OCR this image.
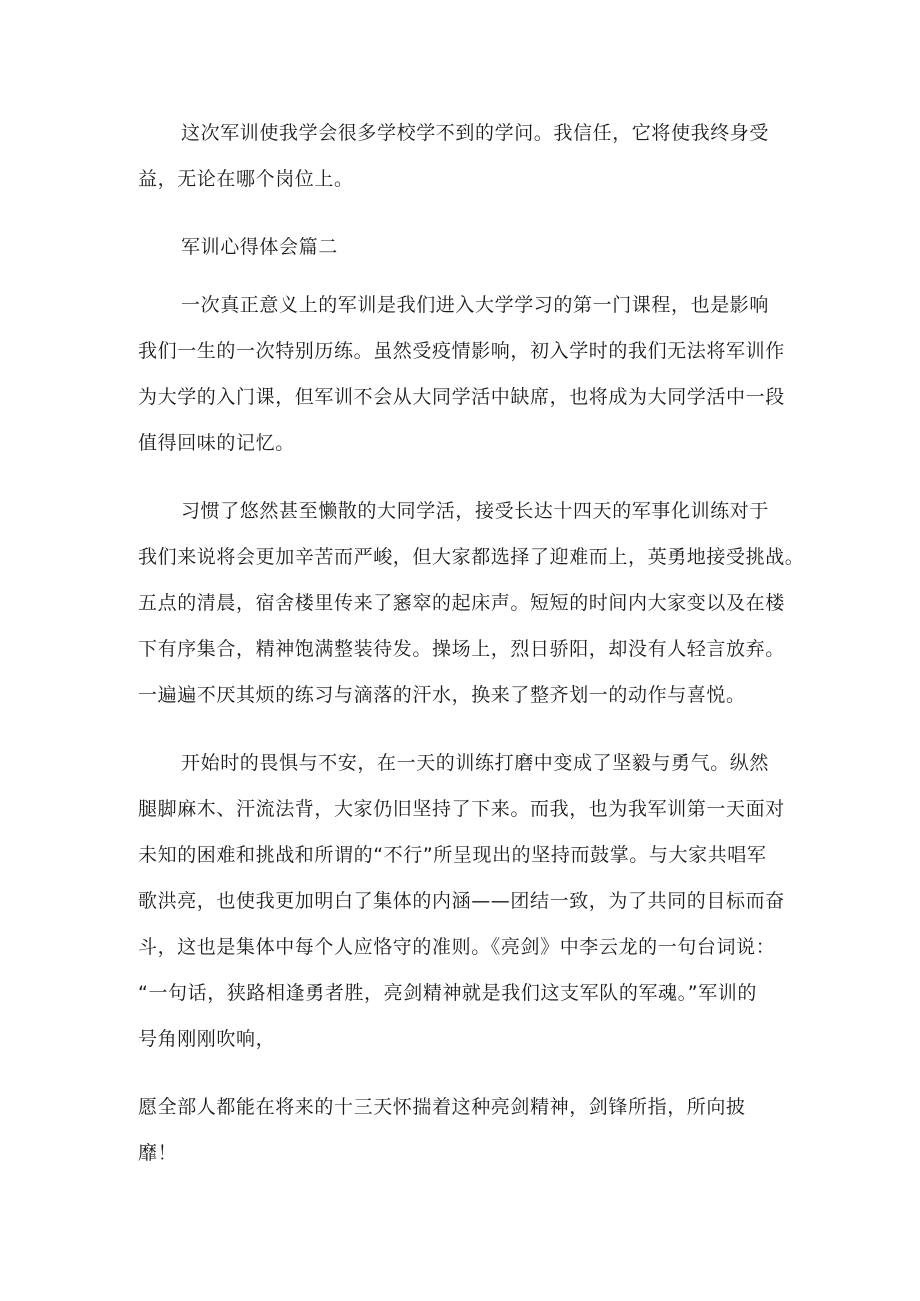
这次军训使我学会很多学校学不到的学问。我信任，它将使我终身受
益，无论在哪个岗位上。
军训心得体会篇二
一次真正意义上的军训是我们进入大学学习的第一门课程，也是影响
我们一生的一次特别历练。虽然受疫情影响，初入学时的我们无法将军训作
为大学的入门课，但军训不会从大同学活中缺席，也将成为大同学活中一段
值得回味的记忆。
习惯了悠然甚至懒散的大同学活，接受长达十四天的军事化训练对于
我们来说将会更加辛苦而严峻，但大家都选择了迎难而上，英勇地接受挑战。
五点的清晨，宿舍楼里传来了窸窣的起床声。短短的时间内大家变以及在楼
下有序集合，精神饱满整装待发。操场上，烈日骄阳，却没有人轻言放弃。
一遍遍不厌其烦的练习与滴落的汗水，换来了整齐划一的动作与喜悦。
开始时的畏惧与不安，在一天的训练打磨中变成了坚毅与勇气。纵然
腿脚麻木、汗流法背，大家仍旧坚持了下来。而我，也为我军训第一天面对
未知的困难和挑战和所谓的“不行”所呈现出的坚持而鼓掌。与大家共唱军
歌洪亮，也使我更加明白了集体的内涵——团结一致，为了共同的目标而奋
斗，这也是集体中每个人应恪守的准则。《亮剑》中李云龙的一句台词说：
“一句话，狭路相逢勇者胜，亮剑精神就是我们这支军队的军魂。”军训的
号角刚刚吹响，
愿全部人都能在将来的十三天怀揣着这种亮剑精神，剑锋所指，所向披
靡！
